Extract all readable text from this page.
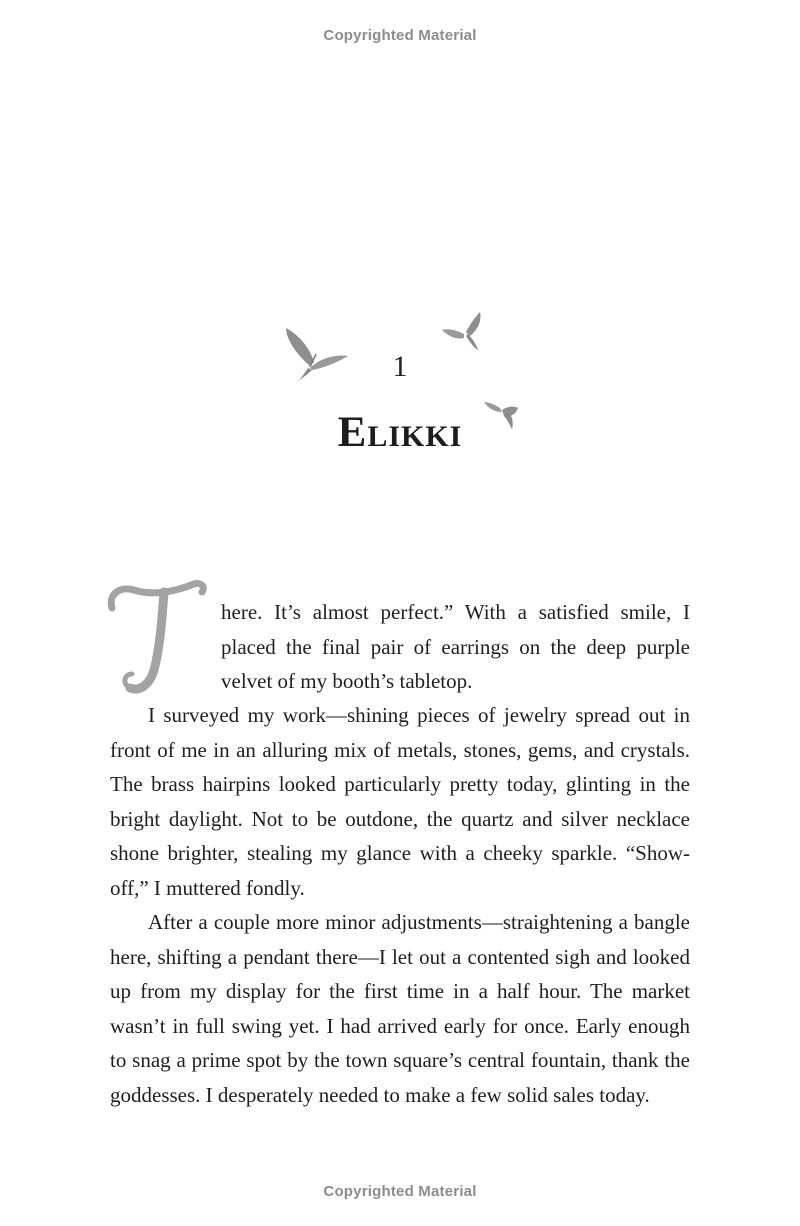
Copyrighted Material
1
Elikki

here. It’s almost perfect.” With a satisfied smile, I placed the final pair of earrings on the deep purple velvet of my booth’s tabletop.

I surveyed my work—shining pieces of jewelry spread out in front of me in an alluring mix of metals, stones, gems, and crystals. The brass hairpins looked particularly pretty today, glinting in the bright daylight. Not to be outdone, the quartz and silver necklace shone brighter, stealing my glance with a cheeky sparkle. “Show-off,” I muttered fondly.

After a couple more minor adjustments—straightening a bangle here, shifting a pendant there—I let out a contented sigh and looked up from my display for the first time in a half hour. The market wasn’t in full swing yet. I had arrived early for once. Early enough to snag a prime spot by the town square’s central fountain, thank the goddesses. I desperately needed to make a few solid sales today.

Copyrighted Material
